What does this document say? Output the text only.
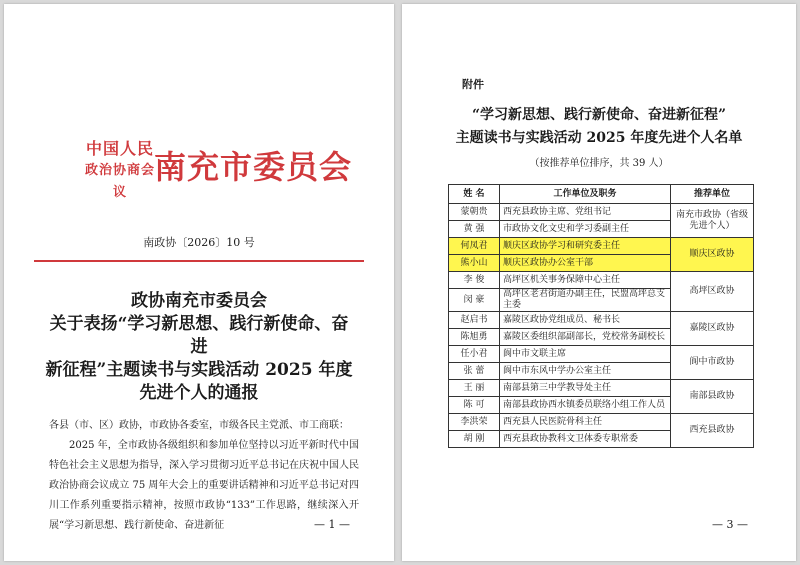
中国人民
政治协商会议
南充市委员会
南政协〔2026〕10 号
政协南充市委员会
关于表扬“学习新思想、践行新使命、奋进
新征程”主题读书与实践活动 2025 年度
先进个人的通报
各县（市、区）政协，市政协各委室，市级各民主党派、市工商联：
2025 年，全市政协各级组织和参加单位坚持以习近平新时代中国特色社会主义思想为指导，深入学习贯彻习近平总书记在庆祝中国人民政治协商会议成立 75 周年大会上的重要讲话精神和习近平总书记对四川工作系列重要指示精神，按照市政协“133”工作思路，继续深入开展“学习新思想、践行新使命、奋进新征	— 1 —
附件
“学习新思想、践行新使命、奋进新征程”
主题读书与实践活动 2025 年度先进个人名单
（按推荐单位排序，共 39 人）
姓 名	工作单位及职务	推荐单位
蒙朝贵	西充县政协主席、党组书记	南充市政协（省级先进个人）
黄 强	市政协文化文史和学习委副主任	
何凤君	顺庆区政协学习和研究委主任	顺庆区政协
熊小山	顺庆区政协办公室干部	
李 俊	高坪区机关事务保障中心主任	高坪区政协
闵 豪	高坪区老君街道办副主任，民盟高坪总支主委	
赵启书	嘉陵区政协党组成员、秘书长	嘉陵区政协
陈旭勇	嘉陵区委组织部副部长，党校常务副校长	
任小君	阆中市文联主席	阆中市政协
张 蕾	阆中市东风中学办公室主任	
王 丽	南部县第三中学教导处主任	南部县政协
陈 可	南部县政协西水镇委员联络小组工作人员	
李洪荣	西充县人民医院骨科主任	西充县政协
胡 刚	西充县政协教科文卫体委专职常委	
— 3 —
